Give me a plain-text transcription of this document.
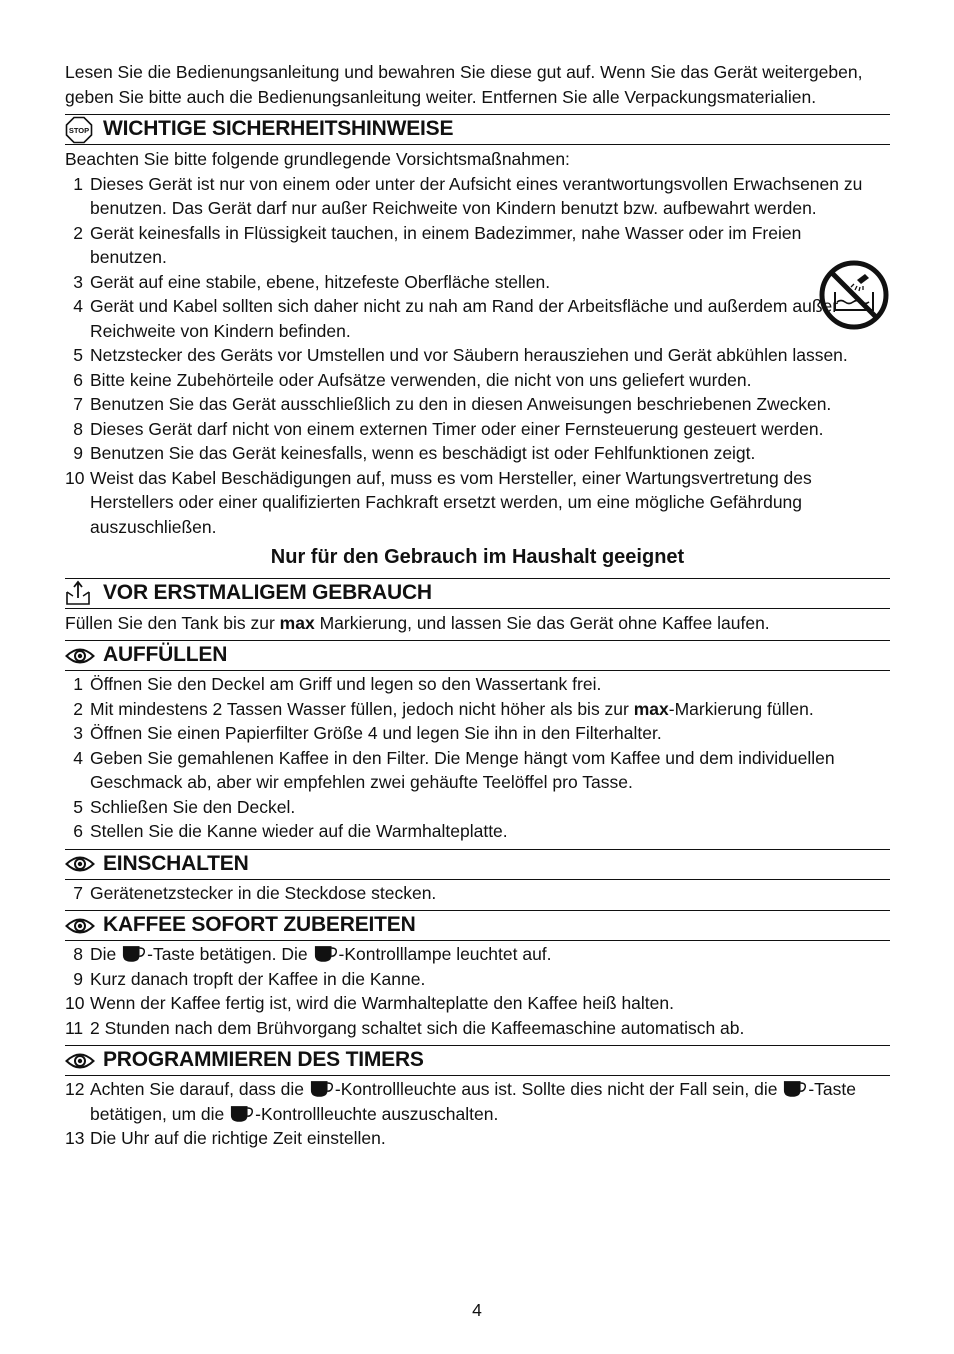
Lesen Sie die Bedienungsanleitung und bewahren Sie diese gut auf. Wenn Sie das Gerät weitergeben, geben Sie bitte auch die Bedienungsanleitung weiter. Entfernen Sie alle Verpackungsmaterialien.

STOP WICHTIGE SICHERHEITSHINWEISE

Beachten Sie bitte folgende grundlegende Vorsichtsmaßnahmen:

1 Dieses Gerät ist nur von einem oder unter der Aufsicht eines verantwortungsvollen Erwachsenen zu benutzen. Das Gerät darf nur außer Reichweite von Kindern benutzt bzw. aufbewahrt werden.
2 Gerät keinesfalls in Flüssigkeit tauchen, in einem Badezimmer, nahe Wasser oder im Freien benutzen.
3 Gerät auf eine stabile, ebene, hitzefeste Oberfläche stellen.
4 Gerät und Kabel sollten sich daher nicht zu nah am Rand der Arbeitsfläche und außerdem außer Reichweite von Kindern befinden.
5 Netzstecker des Geräts vor Umstellen und vor Säubern herausziehen und Gerät abkühlen lassen.
6 Bitte keine Zubehörteile oder Aufsätze verwenden, die nicht von uns geliefert wurden.
7 Benutzen Sie das Gerät ausschließlich zu den in diesen Anweisungen beschriebenen Zwecken.
8 Dieses Gerät darf nicht von einem externen Timer oder einer Fernsteuerung gesteuert werden.
9 Benutzen Sie das Gerät keinesfalls, wenn es beschädigt ist oder Fehlfunktionen zeigt.
10 Weist das Kabel Beschädigungen auf, muss es vom Hersteller, einer Wartungsvertretung des Herstellers oder einer qualifizierten Fachkraft ersetzt werden, um eine mögliche Gefährdung auszuschließen.

Nur für den Gebrauch im Haushalt geeignet

VOR ERSTMALIGEM GEBRAUCH

Füllen Sie den Tank bis zur max Markierung, und lassen Sie das Gerät ohne Kaffee laufen.

AUFFÜLLEN
1 Öffnen Sie den Deckel am Griff und legen so den Wassertank frei.
2 Mit mindestens 2 Tassen Wasser füllen, jedoch nicht höher als bis zur max-Markierung füllen.
3 Öffnen Sie einen Papierfilter Größe 4 und legen Sie ihn in den Filterhalter.
4 Geben Sie gemahlenen Kaffee in den Filter. Die Menge hängt vom Kaffee und dem individuellen Geschmack ab, aber wir empfehlen zwei gehäufte Teelöffel pro Tasse.
5 Schließen Sie den Deckel.
6 Stellen Sie die Kanne wieder auf die Warmhalteplatte.
EINSCHALTEN
7 Gerätenetzstecker in die Steckdose stecken.
KAFFEE SOFORT ZUBEREITEN
8 Die -Taste betätigen. Die -Kontrolllampe leuchtet auf.
9 Kurz danach tropft der Kaffee in die Kanne.
10 Wenn der Kaffee fertig ist, wird die Warmhalteplatte den Kaffee heiß halten.
11 2 Stunden nach dem Brühvorgang schaltet sich die Kaffeemaschine automatisch ab.
PROGRAMMIEREN DES TIMERS
12 Achten Sie darauf, dass die -Kontrollleuchte aus ist. Sollte dies nicht der Fall sein, die -Taste betätigen, um die -Kontrollleuchte auszuschalten.
13 Die Uhr auf die richtige Zeit einstellen.
4
